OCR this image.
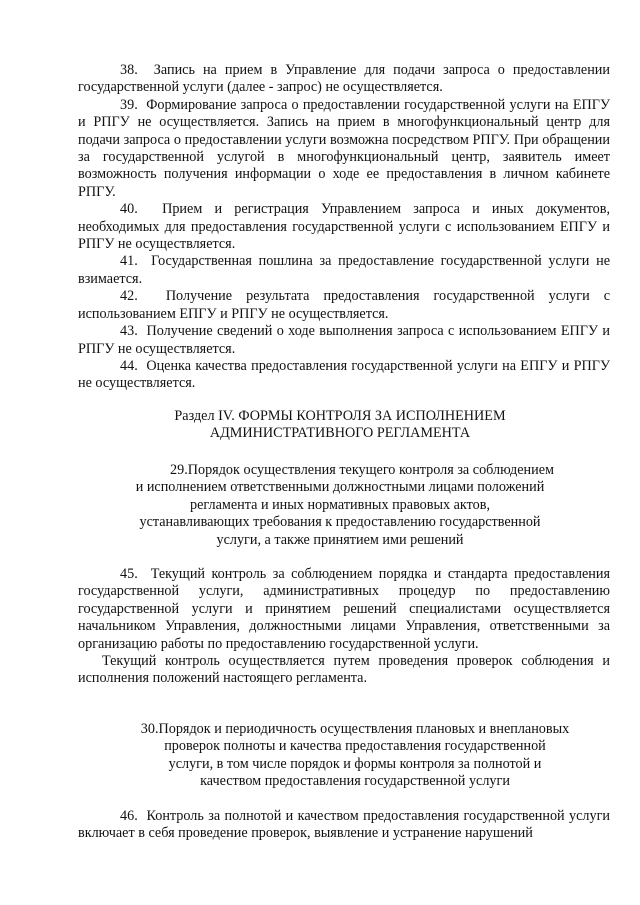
38.  Запись на прием в Управление для подачи запроса о предоставлении государственной услуги (далее - запрос) не осуществляется.

39.  Формирование запроса о предоставлении государственной услуги на ЕПГУ и РПГУ не осуществляется. Запись на прием в многофункциональный центр для подачи запроса о предоставлении услуги возможна посредством РПГУ. При обращении за государственной услугой в многофункциональный центр, заявитель имеет возможность получения информации о ходе ее предоставления в личном кабинете РПГУ.

40.  Прием и регистрация Управлением запроса и иных документов, необходимых для предоставления государственной услуги с использованием ЕПГУ и РПГУ не осуществляется.

41.  Государственная пошлина за предоставление государственной услуги не взимается.

42.  Получение результата предоставления государственной услуги с использованием ЕПГУ и РПГУ не осуществляется.

43.  Получение сведений о ходе выполнения запроса с использованием ЕПГУ и РПГУ не осуществляется.

44.  Оценка качества предоставления государственной услуги на ЕПГУ и РПГУ не осуществляется.

Раздел IV. ФОРМЫ КОНТРОЛЯ ЗА ИСПОЛНЕНИЕМ
АДМИНИСТРАТИВНОГО РЕГЛАМЕНТА
29.Порядок осуществления текущего контроля за соблюдением
и исполнением ответственными должностными лицами положений
регламента и иных нормативных правовых актов,
устанавливающих требования к предоставлению государственной
услуги, а также принятием ими решений

45.  Текущий контроль за соблюдением порядка и стандарта предоставления государственной услуги, административных процедур по предоставлению государственной услуги и принятием решений специалистами осуществляется начальником Управления, должностными лицами Управления, ответственными за организацию работы по предоставлению государственной услуги.

Текущий контроль осуществляется путем проведения проверок соблюдения и исполнения положений настоящего регламента.

30.Порядок и периодичность осуществления плановых и внеплановых
проверок полноты и качества предоставления государственной
услуги, в том числе порядок и формы контроля за полнотой и
качеством предоставления государственной услуги

46.  Контроль за полнотой и качеством предоставления государственной услуги включает в себя проведение проверок, выявление и устранение нарушений
